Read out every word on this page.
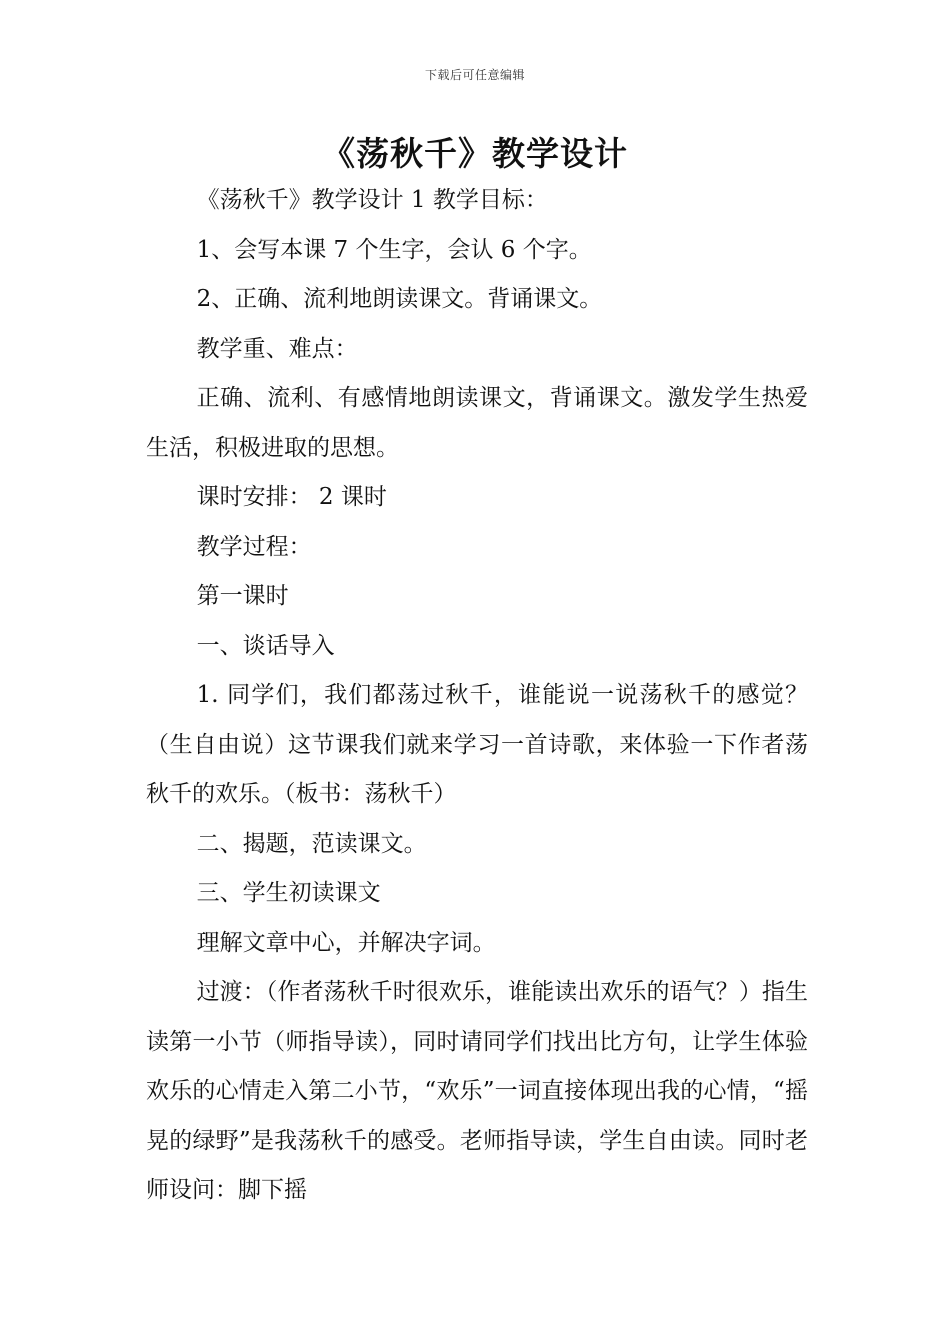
下载后可任意编辑
《荡秋千》教学设计

《荡秋千》教学设计 1 教学目标：

1、会写本课 7 个生字，会认 6 个字。

2、正确、流利地朗读课文。背诵课文。

教学重、难点：

正确、流利、有感情地朗读课文，背诵课文。激发学生热爱生活，积极进取的思想。

课时安排： 2 课时

教学过程：

第一课时

一、谈话导入

1. 同学们，我们都荡过秋千，谁能说一说荡秋千的感觉？（生自由说）这节课我们就来学习一首诗歌，来体验一下作者荡秋千的欢乐。（板书：荡秋千）

二、揭题，范读课文。

三、学生初读课文

理解文章中心，并解决字词。

过渡：（作者荡秋千时很欢乐，谁能读出欢乐的语气？）指生读第一小节（师指导读），同时请同学们找出比方句，让学生体验欢乐的心情走入第二小节，“欢乐”一词直接体现出我的心情，“摇晃的绿野”是我荡秋千的感受。老师指导读，学生自由读。同时老师设问：脚下摇
